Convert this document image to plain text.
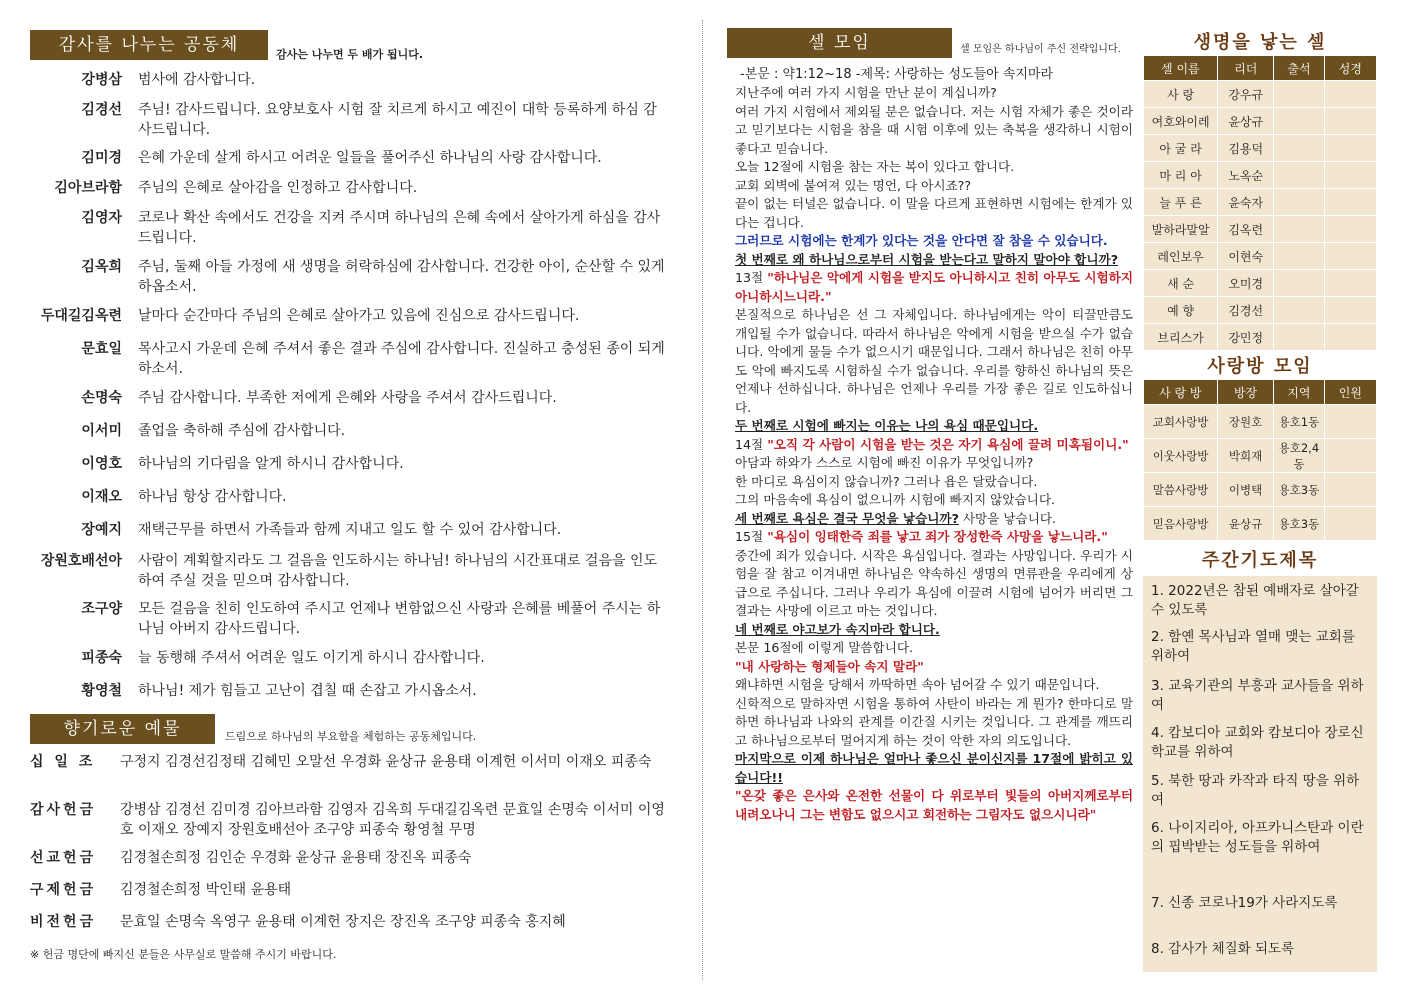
감사를 나누는 공동체	감사는 나누면 두 배가 됩니다.
강병삼 범사에 감사합니다.
김경선 주님! 감사드립니다. 요양보호사 시험 잘 치르게 하시고 예진이 대학 등록하게 하심 감사드립니다.
김미경 은혜 가운데 살게 하시고 어려운 일들을 풀어주신 하나님의 사랑 감사합니다.
김아브라함 주님의 은혜로 살아감을 인정하고 감사합니다.
김영자 코로나 확산 속에서도 건강을 지켜 주시며 하나님의 은혜 속에서 살아가게 하심을 감사드립니다.
김옥희 주님, 둘째 아들 가정에 새 생명을 허락하심에 감사합니다. 건강한 아이, 순산할 수 있게 하옵소서.
두대길김옥련 날마다 순간마다 주님의 은혜로 살아가고 있음에 진심으로 감사드립니다.
문효일 목사고시 가운데 은혜 주셔서 좋은 결과 주심에 감사합니다. 진실하고 충성된 종이 되게 하소서.
손명숙 주님 감사합니다. 부족한 저에게 은혜와 사랑을 주셔서 감사드립니다.
이서미 졸업을 축하해 주심에 감사합니다.
이영호 하나님의 기다림을 알게 하시니 감사합니다.
이재오 하나님 항상 감사합니다.
장예지 재택근무를 하면서 가족들과 함께 지내고 일도 할 수 있어 감사합니다.
장원호배선아 사람이 계획할지라도 그 걸음을 인도하시는 하나님! 하나님의 시간표대로 걸음을 인도하여 주실 것을 믿으며 감사합니다.
조구양 모든 걸음을 친히 인도하여 주시고 언제나 변함없으신 사랑과 은혜를 베풀어 주시는 하나님 아버지 감사드립니다.
피종숙 늘 동행해 주셔서 어려운 일도 이기게 하시니 감사합니다.
황영철 하나님! 제가 힘들고 고난이 겹칠 때 손잡고 가시옵소서.
향기로운 예물	드림으로 하나님의 부요함을 체험하는 공동체입니다.
십 일 조	구정지 김경선김정태 김혜민 오말선 우경화 윤상규 윤용태 이계헌 이서미 이재오 피종숙
감사헌금	강병삼 김경선 김미경 김아브라함 김영자 김옥희 두대길김옥련 문효일 손명숙 이서미 이영호 이재오 장예지 장원호배선아 조구양 피종숙 황영철 무명
선교헌금	김경철손희정 김인순 우경화 윤상규 윤용태 장진옥 피종숙
구제헌금	김경철손희정 박인태 윤용태
비전헌금	문효일 손명숙 옥영구 윤용태 이계헌 장지은 장진옥 조구양 피종숙 홍지혜
※ 헌금 명단에 빠지신 분들은 사무실로 말씀해 주시기 바랍니다.
셀 모임	셀 모임은 하나님이 주신 전략입니다.
-본문 : 약1:12~18 -제목: 사랑하는 성도들아 속지마라

지난주에 여러 가지 시험을 만난 분이 계십니까?

여러 가지 시험에서 제외될 분은 없습니다. 저는 시험 자체가 좋은 것이라고 믿기보다는 시험을 참을 때 시험 이후에 있는 축복을 생각하니 시험이 좋다고 믿습니다.

오늘 12절에 시험을 참는 자는 복이 있다고 합니다.

교회 외벽에 붙여져 있는 명언, 다 아시죠??

끝이 없는 터널은 없습니다. 이 말을 다르게 표현하면 시험에는 한계가 있다는 겁니다.

그러므로 시험에는 한계가 있다는 것을 안다면 잘 참을 수 있습니다.

첫 번째로 왜 하나님으로부터 시험을 받는다고 말하지 말아야 합니까?

13절 "하나님은 악에게 시험을 받지도 아니하시고 친히 아무도 시험하지 아니하시느니라."

본질적으로 하나님은 선 그 자체입니다. 하나님에게는 악이 티끌만큼도 개입될 수가 없습니다. 따라서 하나님은 악에게 시험을 받으실 수가 없습니다. 악에게 물들 수가 없으시기 때문입니다. 그래서 하나님은 친히 아무도 악에 빠지도록 시험하실 수가 없습니다. 우리를 향하신 하나님의 뜻은 언제나 선하십니다. 하나님은 언제나 우리를 가장 좋은 길로 인도하십니다.

두 번째로 시험에 빠지는 이유는 나의 욕심 때문입니다.

14절 "오직 각 사람이 시험을 받는 것은 자기 욕심에 끌려 미혹됨이니."

아담과 하와가 스스로 시험에 빠진 이유가 무엇입니까?

한 마디로 욕심이지 않습니까? 그러나 욥은 달랐습니다.

그의 마음속에 욕심이 없으니까 시험에 빠지지 않았습니다.

세 번째로 욕심은 결국 무엇을 낳습니까? 사망을 낳습니다.

15절 "욕심이 잉태한즉 죄를 낳고 죄가 장성한즉 사망을 낳느니라."

중간에 죄가 있습니다. 시작은 욕심입니다. 결과는 사망입니다. 우리가 시험을 잘 참고 이겨내면 하나님은 약속하신 생명의 면류관을 우리에게 상급으로 주십니다. 그러나 우리가 욕심에 이끌려 시험에 넘어가 버리면 그 결과는 사망에 이르고 마는 것입니다.

네 번째로 야고보가 속지마라 합니다.

본문 16절에 이렇게 말씀합니다.

"내 사랑하는 형제들아 속지 말라"

왜냐하면 시험을 당해서 까딱하면 속아 넘어갈 수 있기 때문입니다.

신학적으로 말하자면 시험을 통하여 사탄이 바라는 게 뭔가? 한마디로 말하면 하나님과 나와의 관계를 이간질 시키는 것입니다. 그 관계를 깨뜨리고 하나님으로부터 멀어지게 하는 것이 악한 자의 의도입니다.

마지막으로 이제 하나님은 얼마나 좋으신 분이신지를 17절에 밝히고 있습니다!!

"온갖 좋은 은사와 온전한 선물이 다 위로부터 빛들의 아버지께로부터 내려오나니 그는 변함도 없으시고 회전하는 그림자도 없으시니라"

생명을 낳는 셀
셀 이름	리더	출석	성경
사 랑	강우규		
여호와이레	윤상규		
아 굴 라	김용덕		
마 리 아	노옥순		
늘 푸 른	윤숙자		
발하라말알	김옥련		
레인보우	이현숙		
새 순	오미경		
예 향	김경선		
브리스가	강민정		
사랑방 모임
사 랑 방	방장	지역	인원
교회사랑방	장원호	용호1동	
이웃사랑방	박희재	용호2,4동	
말씀사랑방	이병택	용호3동	
믿음사랑방	윤상규	용호3동	
주간기도제목
1. 2022년은 참된 예배자로 살아갈 수 있도록
2. 함옌 목사님과 열매 맺는 교회를 위하여
3. 교육기관의 부흥과 교사들을 위하여
4. 캄보디아 교회와 캄보디아 장로신학교를 위하여
5. 북한 땅과 카작과 타직 땅을 위하여
6. 나이지리아, 아프카니스탄과 이란의 핍박받는 성도들을 위하여
7. 신종 코로나19가 사라지도록
8. 감사가 체질화 되도록
